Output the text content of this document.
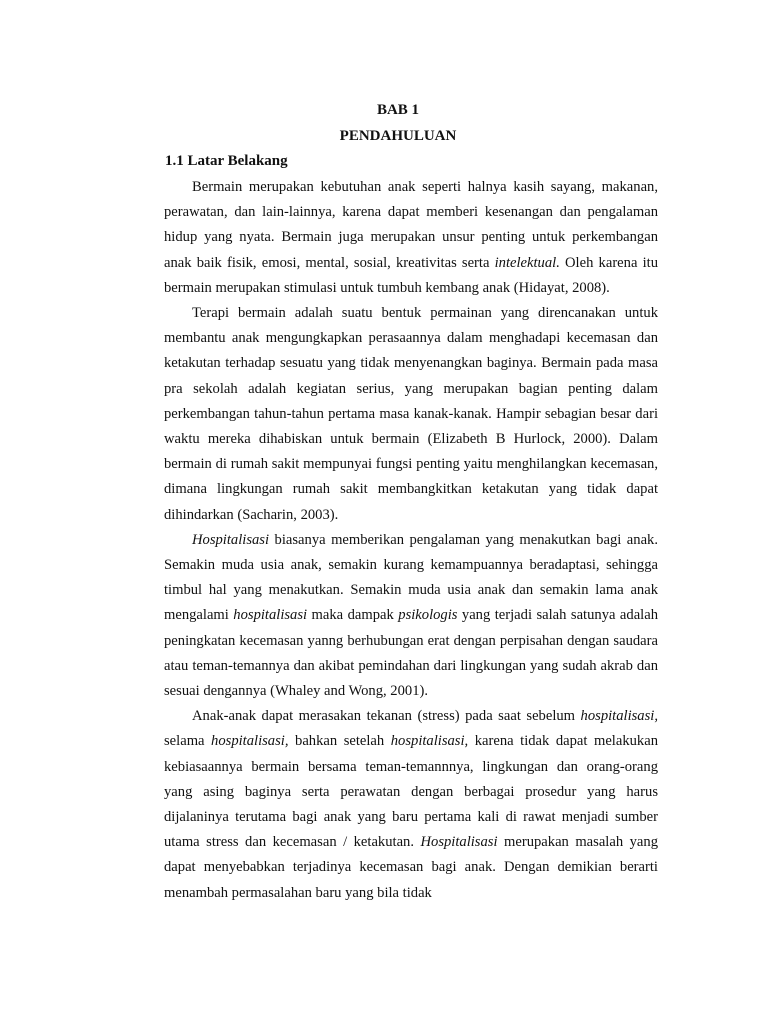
BAB 1
PENDAHULUAN
1.1 Latar Belakang

Bermain merupakan kebutuhan anak seperti halnya kasih sayang, makanan, perawatan, dan lain-lainnya, karena dapat memberi kesenangan dan pengalaman hidup yang nyata. Bermain juga merupakan unsur penting untuk perkembangan anak baik fisik, emosi, mental, sosial, kreativitas serta intelektual. Oleh karena itu bermain merupakan stimulasi untuk tumbuh kembang anak (Hidayat, 2008).

Terapi bermain adalah suatu bentuk permainan yang direncanakan untuk membantu anak mengungkapkan perasaannya dalam menghadapi kecemasan dan ketakutan terhadap sesuatu yang tidak menyenangkan baginya. Bermain pada masa pra sekolah adalah kegiatan serius, yang merupakan bagian penting dalam perkembangan tahun-tahun pertama masa kanak-kanak. Hampir sebagian besar dari waktu mereka dihabiskan untuk bermain (Elizabeth B Hurlock, 2000). Dalam bermain di rumah sakit mempunyai fungsi penting yaitu menghilangkan kecemasan, dimana lingkungan rumah sakit membangkitkan ketakutan yang tidak dapat dihindarkan (Sacharin, 2003).

Hospitalisasi biasanya memberikan pengalaman yang menakutkan bagi anak. Semakin muda usia anak, semakin kurang kemampuannya beradaptasi, sehingga timbul hal yang menakutkan. Semakin muda usia anak dan semakin lama anak mengalami hospitalisasi maka dampak psikologis yang terjadi salah satunya adalah peningkatan kecemasan yanng berhubungan erat dengan perpisahan dengan saudara atau teman-temannya dan akibat pemindahan dari lingkungan yang sudah akrab dan sesuai dengannya (Whaley and Wong, 2001).

Anak-anak dapat merasakan tekanan (stress) pada saat sebelum hospitalisasi, selama hospitalisasi, bahkan setelah hospitalisasi, karena tidak dapat melakukan kebiasaannya bermain bersama teman-temannnya, lingkungan dan orang-orang yang asing baginya serta perawatan dengan berbagai prosedur yang harus dijalaninya terutama bagi anak yang baru pertama kali di rawat menjadi sumber utama stress dan kecemasan / ketakutan. Hospitalisasi merupakan masalah yang dapat menyebabkan terjadinya kecemasan bagi anak. Dengan demikian berarti menambah permasalahan baru yang bila tidak
